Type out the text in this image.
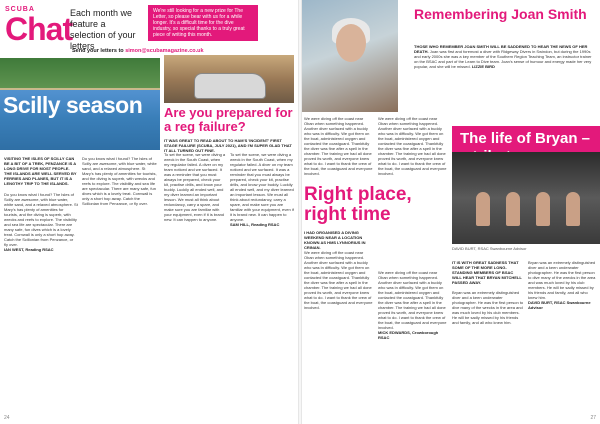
SCUBA
Chat
Each month we feature a selection of your letters
We're still looking for a new prize for The Letter, so please bear with us for a while longer. It's a difficult time for the dive industry, so special thanks to a truly great piece of writing this month.
Send your letters to simon@scubamagazine.co.uk
Scilly season
VISITING THE ISLES OF SCILLY CAN BE A BIT OF A TREK, PENZANCE IS A LONG DRIVE FOR MOST PEOPLE. THE ISLANDS ARE WELL SERVED BY FERRIES AND PLANES, BUT IT IS A LENGTHY TRIP TO THE ISLANDS.
Do you know what I found? The Isles of Scilly are awesome, with blue water, white sand, and a relaxed atmosphere. St Mary's has plenty of amenities for tourists, and the diving is superb, with wrecks and reefs to explore. The visibility and sea life are spectacular. There are many safe, fun dives which is a lovely treat. Cornwall is only a short hop away. Catch the Scillonian from Penzance, or fly over.
IAN WEST, Reading RSAC
Do you know what I found? The Isles of Scilly are awesome, with blue water, white sand, and a relaxed atmosphere. St Mary's has plenty of amenities for tourists, and the diving is superb, with wrecks and reefs to explore. The visibility and sea life are spectacular. There are many safe, fun dives which is a lovely treat. Cornwall is only a short hop away. Catch the Scillonian from Penzance, or fly over.
Are you prepared for a reg failure?
IT WAS GREAT TO READ ABOUT TO HAM'S 'INCIDENT' FIRST STAGE FAILURE (SCUBA, JULY 2021), AND I'M SUPER GLAD THAT IT ALL TURNED OUT FINE.
To set the scene, we were diving a wreck in the South Coast, when my regulator failed. A diver on my team noticed and we surfaced. It was a reminder that you must always be prepared, check your kit, practise drills, and know your buddy. Luckily all ended well, and my diver learned an important lesson. We must all think about redundancy, carry a spare, and make sure you are familiar with your equipment, even if it is brand new. It can happen to anyone.
To set the scene, we were diving a wreck in the South Coast, when my regulator failed. A diver on my team noticed and we surfaced. It was a reminder that you must always be prepared, check your kit, practise drills, and know your buddy. Luckily all ended well, and my diver learned an important lesson. We must all think about redundancy, carry a spare, and make sure you are familiar with your equipment, even if it is brand new. It can happen to anyone.
SAM HILL, Reading RSAC
24
Remembering Joan Smith
THOSE WHO REMEMBER JOAN SMITH WILL BE SADDENED TO HEAR THE NEWS OF HER DEATH. Joan was first and foremost a diver with Ridgeway Divers in Swindon, but during the 1990s and early 2000s she was a key member of the Southern Region Teaching Team, an instructor trainer on the BSAC and part of the Learn to Dive team. Joan's sense of humour and energy made her very popular, and she will be missed. LIZZIE BIRD
We were diving off the coast near Oban when something happened. Another diver surfaced with a buddy who was in difficulty. We got them on the boat, administered oxygen and contacted the coastguard. Thankfully the diver was fine after a spell in the chamber. The training we had all done proved its worth, and everyone knew what to do. I want to thank the crew of the boat, the coastguard and everyone involved.
We were diving off the coast near Oban when something happened. Another diver surfaced with a buddy who was in difficulty. We got them on the boat, administered oxygen and contacted the coastguard. Thankfully the diver was fine after a spell in the chamber. The training we had all done proved its worth, and everyone knew what to do. I want to thank the crew of the boat, the coastguard and everyone involved.
Right place, right time
I HAD ORGANISED A DIVING WEEKEND NEAR A LOCATION KNOWN AS HMS LYNNORIUS IN CRINAN.
We were diving off the coast near Oban when something happened. Another diver surfaced with a buddy who was in difficulty. We got them on the boat, administered oxygen and contacted the coastguard. Thankfully the diver was fine after a spell in the chamber. The training we had all done proved its worth, and everyone knew what to do. I want to thank the crew of the boat, the coastguard and everyone involved.
We were diving off the coast near Oban when something happened. Another diver surfaced with a buddy who was in difficulty. We got them on the boat, administered oxygen and contacted the coastguard. Thankfully the diver was fine after a spell in the chamber. The training we had all done proved its worth, and everyone knew what to do. I want to thank the crew of the boat, the coastguard and everyone involved.
MICK EDWARDS, Crowborough RSAC
The life of Bryan –
DAVID BURT, RSAC Swanbourne Advisor
IT IS WITH GREAT SADNESS THAT SOME OF THE MORE LONG-STANDING MEMBERS OF BSAC WILL HEAR THAT BRYAN MITCHELL PASSED AWAY.
Bryan was an extremely distinguished diver and a keen underwater photographer. He was the first person to dive many of the wrecks in the area and was much loved by his club members. He will be sadly missed by his friends and family, and all who knew him.
Bryan was an extremely distinguished diver and a keen underwater photographer. He was the first person to dive many of the wrecks in the area and was much loved by his club members. He will be sadly missed by his friends and family, and all who knew him.
DAVID BURT, RSAC Swanbourne Advisor
27
